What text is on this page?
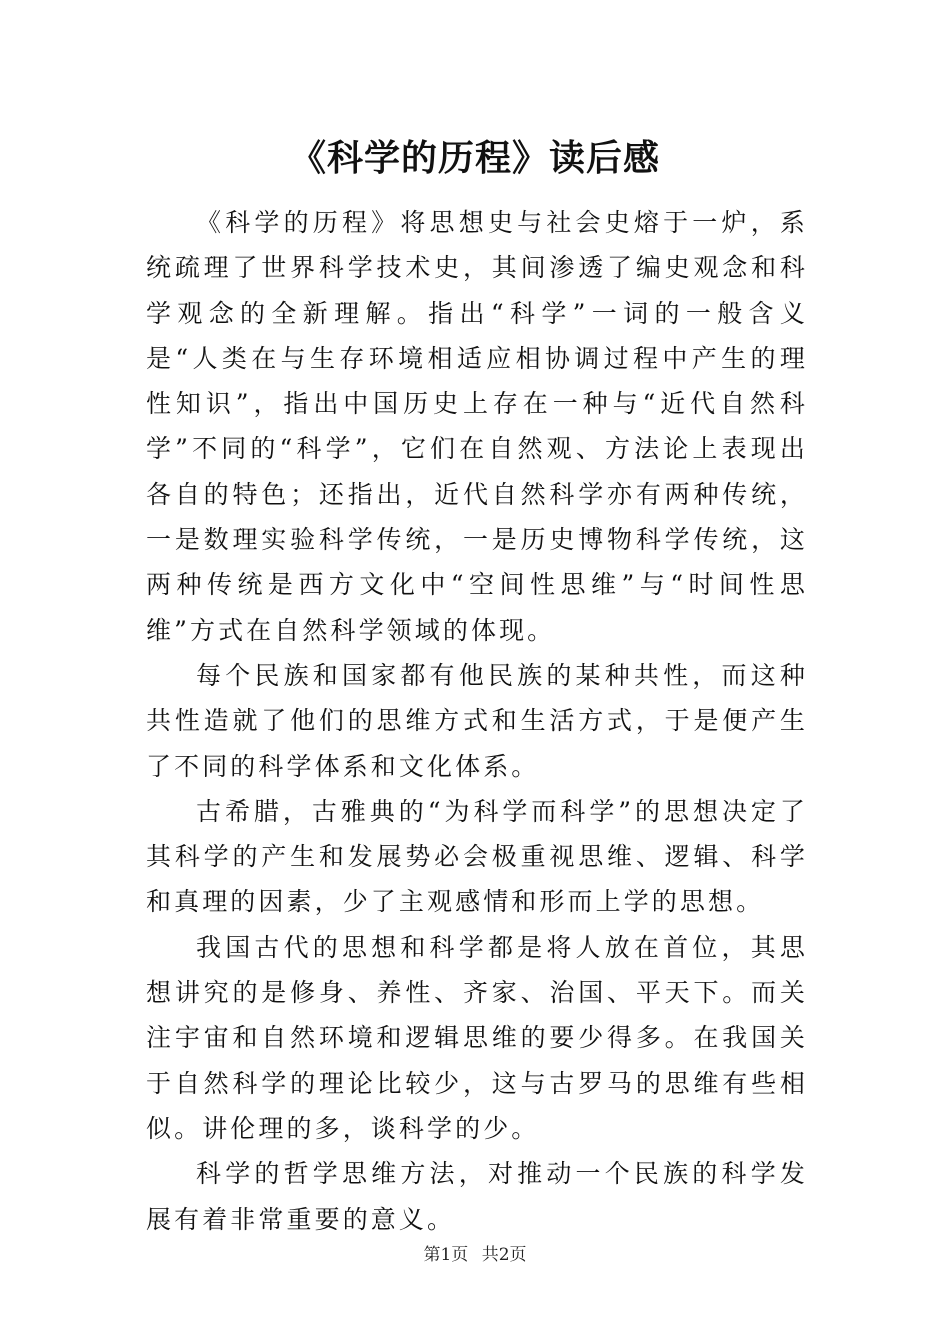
《科学的历程》读后感

《科学的历程》将思想史与社会史熔于一炉，系统疏理了世界科学技术史，其间渗透了编史观念和科学观念的全新理解。指出“科学”一词的一般含义是“人类在与生存环境相适应相协调过程中产生的理性知识”，指出中国历史上存在一种与“近代自然科学”不同的“科学”，它们在自然观、方法论上表现出各自的特色；还指出，近代自然科学亦有两种传统，一是数理实验科学传统，一是历史博物科学传统，这两种传统是西方文化中“空间性思维”与“时间性思维”方式在自然科学领域的体现。

每个民族和国家都有他民族的某种共性，而这种共性造就了他们的思维方式和生活方式，于是便产生了不同的科学体系和文化体系。

古希腊，古雅典的“为科学而科学”的思想决定了其科学的产生和发展势必会极重视思维、逻辑、科学和真理的因素，少了主观感情和形而上学的思想。

我国古代的思想和科学都是将人放在首位，其思想讲究的是修身、养性、齐家、治国、平天下。而关注宇宙和自然环境和逻辑思维的要少得多。在我国关于自然科学的理论比较少，这与古罗马的思维有些相似。讲伦理的多，谈科学的少。

科学的哲学思维方法，对推动一个民族的科学发展有着非常重要的意义。

第1页 共2页
